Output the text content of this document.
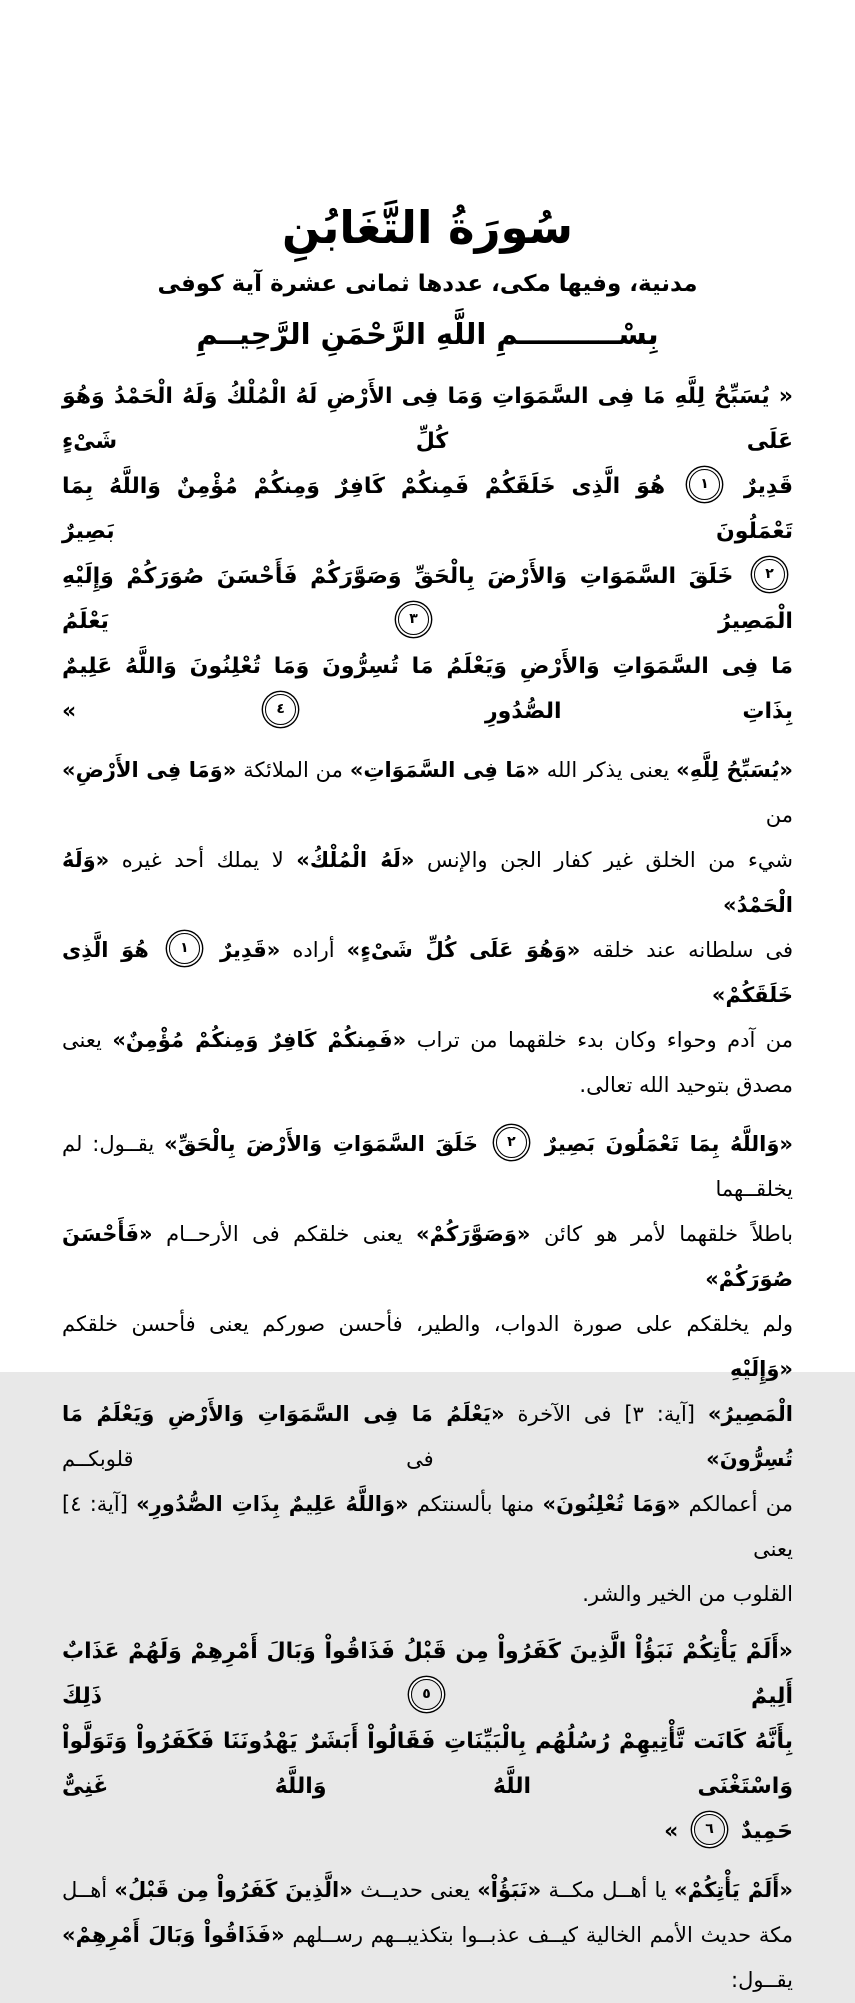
سُورَةُ التَّغَابُنِ
مدنية، وفيها مكى، عددها ثمانى عشرة آية كوفى
بِسْــــــــــمِ اللَّهِ الرَّحْمَنِ الرَّحِيــمِ
« يُسَبِّحُ لِلَّهِ مَا فِى السَّمَوَاتِ وَمَا فِى الأَرْضِ لَهُ الْمُلْكُ وَلَهُ الْحَمْدُ وَهُوَ عَلَى كُلِّ شَىْءٍ
قَدِيرٌ ١ هُوَ الَّذِى خَلَقَكُمْ فَمِنكُمْ كَافِرٌ وَمِنكُمْ مُؤْمِنٌ وَاللَّهُ بِمَا تَعْمَلُونَ بَصِيرٌ
٢ خَلَقَ السَّمَوَاتِ وَالأَرْضَ بِالْحَقِّ وَصَوَّرَكُمْ فَأَحْسَنَ صُوَرَكُمْ وَإِلَيْهِ الْمَصِيرُ ٣ يَعْلَمُ
مَا فِى السَّمَوَاتِ وَالأَرْضِ وَيَعْلَمُ مَا تُسِرُّونَ وَمَا تُعْلِنُونَ وَاللَّهُ عَلِيمٌ بِذَاتِ الصُّدُورِ ٤ »
«يُسَبِّحُ لِلَّهِ» يعنى يذكر الله «مَا فِى السَّمَوَاتِ» من الملائكة «وَمَا فِى الأَرْضِ» من
شيء من الخلق غير كفار الجن والإنس «لَهُ الْمُلْكُ» لا يملك أحد غيره «وَلَهُ الْحَمْدُ»
فى سلطانه عند خلقه «وَهُوَ عَلَى كُلِّ شَىْءٍ» أراده «قَدِيرٌ ١ هُوَ الَّذِى خَلَقَكُمْ»
من آدم وحواء وكان بدء خلقهما من تراب «فَمِنكُمْ كَافِرٌ وَمِنكُمْ مُؤْمِنٌ» يعنى
مصدق بتوحيد الله تعالى.
«وَاللَّهُ بِمَا تَعْمَلُونَ بَصِيرٌ ٢ خَلَقَ السَّمَوَاتِ وَالأَرْضَ بِالْحَقِّ» يقــول: لم يخلقــهما
باطلاً خلقهما لأمر هو كائن «وَصَوَّرَكُمْ» يعنى خلقكم فى الأرحــام «فَأَحْسَنَ صُوَرَكُمْ»
ولم يخلقكم على صورة الدواب، والطير، فأحسن صوركم يعنى فأحسن خلقكم «وَإِلَيْهِ
الْمَصِيرُ» [آية: ٣] فى الآخرة «يَعْلَمُ مَا فِى السَّمَوَاتِ وَالأَرْضِ وَيَعْلَمُ مَا تُسِرُّونَ» فى قلوبكــم
من أعمالكم «وَمَا تُعْلِنُونَ» منها بألسنتكم «وَاللَّهُ عَلِيمٌ بِذَاتِ الصُّدُورِ» [آية: ٤] يعنى
القلوب من الخير والشر.
«أَلَمْ يَأْتِكُمْ نَبَؤُاْ الَّذِينَ كَفَرُواْ مِن قَبْلُ فَذَاقُواْ وَبَالَ أَمْرِهِمْ وَلَهُمْ عَذَابٌ أَلِيمٌ ٥ ذَلِكَ
بِأَنَّهُ كَانَت تَّأْتِيهِمْ رُسُلُهُم بِالْبَيِّنَاتِ فَقَالُواْ أَبَشَرٌ يَهْدُونَنَا فَكَفَرُواْ وَتَوَلَّواْ وَاسْتَغْنَى اللَّهُ وَاللَّهُ غَنِىٌّ
حَمِيدٌ ٦ »
«أَلَمْ يَأْتِكُمْ» يا أهــل مكــة «نَبَؤُاْ» يعنى حديــث «الَّذِينَ كَفَرُواْ مِن قَبْلُ» أهــل
مكة حديث الأمم الخالية كيــف عذبــوا بتكذيبــهم رســلهم «فَذَاقُواْ وَبَالَ أَمْرِهِمْ» يقــول:
